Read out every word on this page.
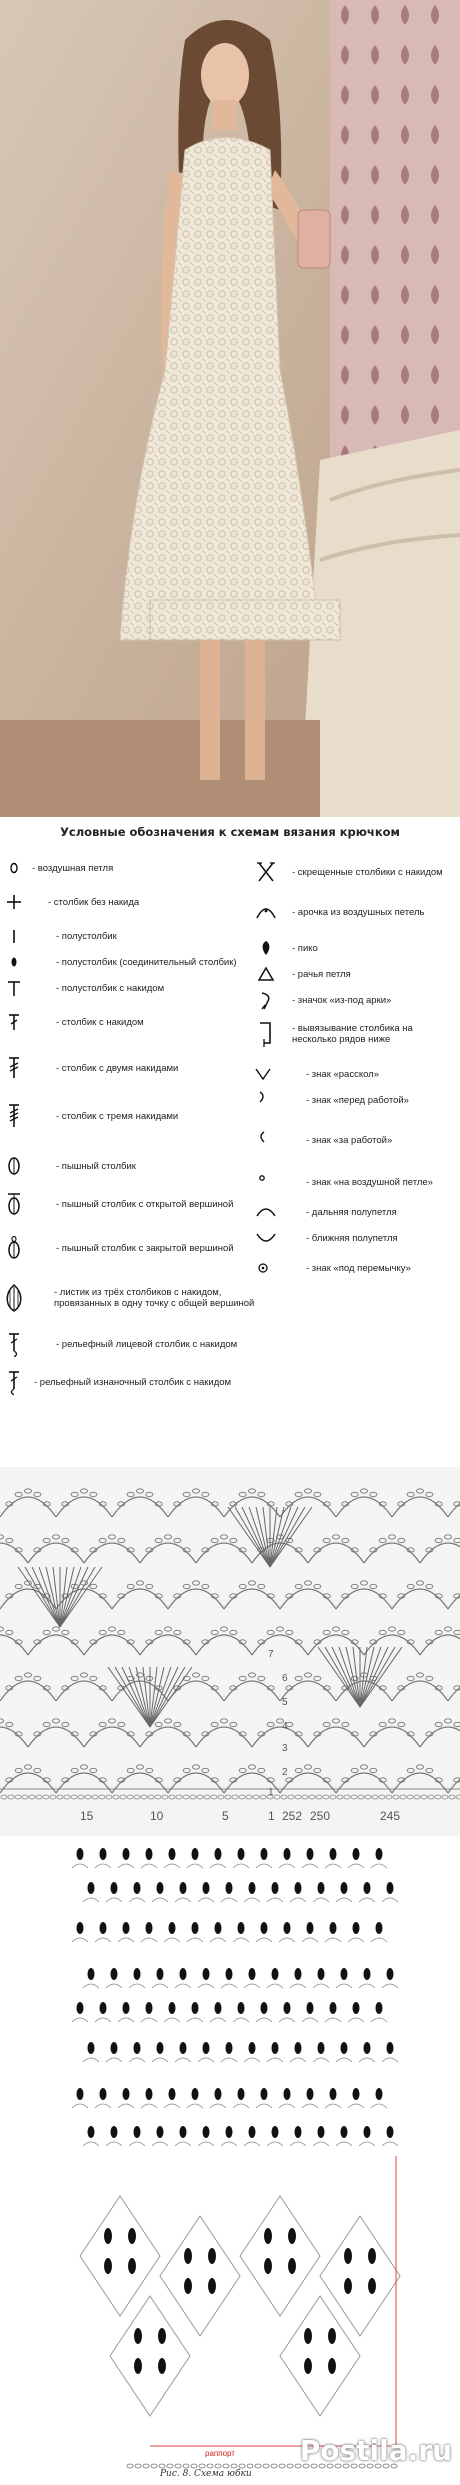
Условные обозначения к схемам вязания крючком
- воздушная петля
- столбик без накида
- полустолбик
- полустолбик (соединительный столбик)
- полустолбик с накидом
- столбик с накидом
- столбик с двумя накидами
- столбик с тремя накидами
- пышный столбик
- пышный столбик с открытой вершиной
- пышный столбик с закрытой вершиной
- листик из трёх столбиков с накидом,
провязанных в одну точку с общей вершиной
- рельефный лицевой столбик с накидом
- рельефный изнаночный столбик с накидом
- скрещенные столбики с накидом
- арочка из воздушных петель
- пико
- рачья петля
- значок «из-под арки»
- вывязывание столбика на
несколько рядов ниже
- знак «расскол»
- знак «перед работой»
- знак «за работой»
- знак «на воздушной петле»
- дальняя полупетля
- ближняя полупетля
- знак «под перемычку»
15	10	5	1 252 250	245
1
2
3
4
5
6
7
раппорт
Рис. 8. Схема юбки
Postila.ru
